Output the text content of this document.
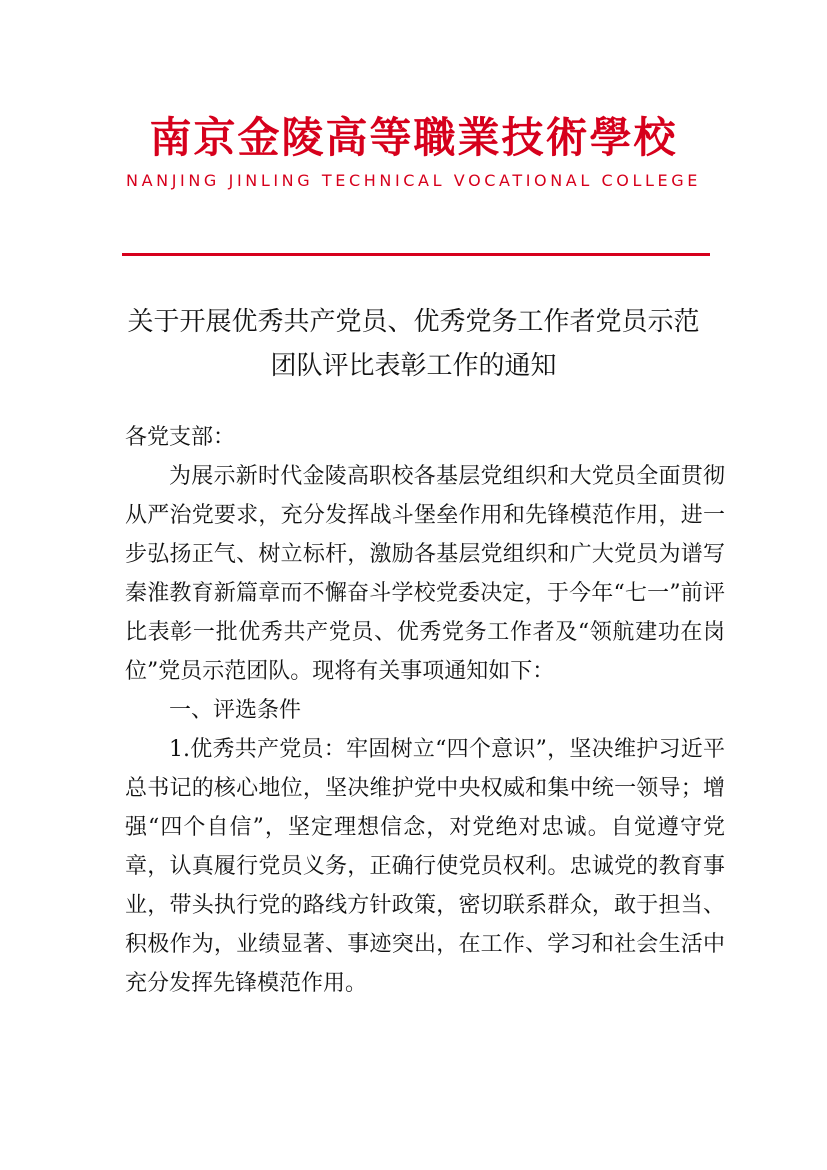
南京金陵高等職業技術學校
NANJING JINLING TECHNICAL VOCATIONAL COLLEGE
关于开展优秀共产党员、优秀党务工作者党员示范
团队评比表彰工作的通知

各党支部：

为展示新时代金陵高职校各基层党组织和大党员全面贯彻从严治党要求，充分发挥战斗堡垒作用和先锋模范作用，进一步弘扬正气、树立标杆，激励各基层党组织和广大党员为谱写秦淮教育新篇章而不懈奋斗学校党委决定，于今年“七一”前评比表彰一批优秀共产党员、优秀党务工作者及“领航建功在岗位”党员示范团队。现将有关事项通知如下：

一、评选条件

1.优秀共产党员：牢固树立“四个意识”，坚决维护习近平总书记的核心地位，坚决维护党中央权威和集中统一领导；增强“四个自信”，坚定理想信念，对党绝对忠诚。自觉遵守党章，认真履行党员义务，正确行使党员权利。忠诚党的教育事业，带头执行党的路线方针政策，密切联系群众，敢于担当、积极作为，业绩显著、事迹突出，在工作、学习和社会生活中充分发挥先锋模范作用。
